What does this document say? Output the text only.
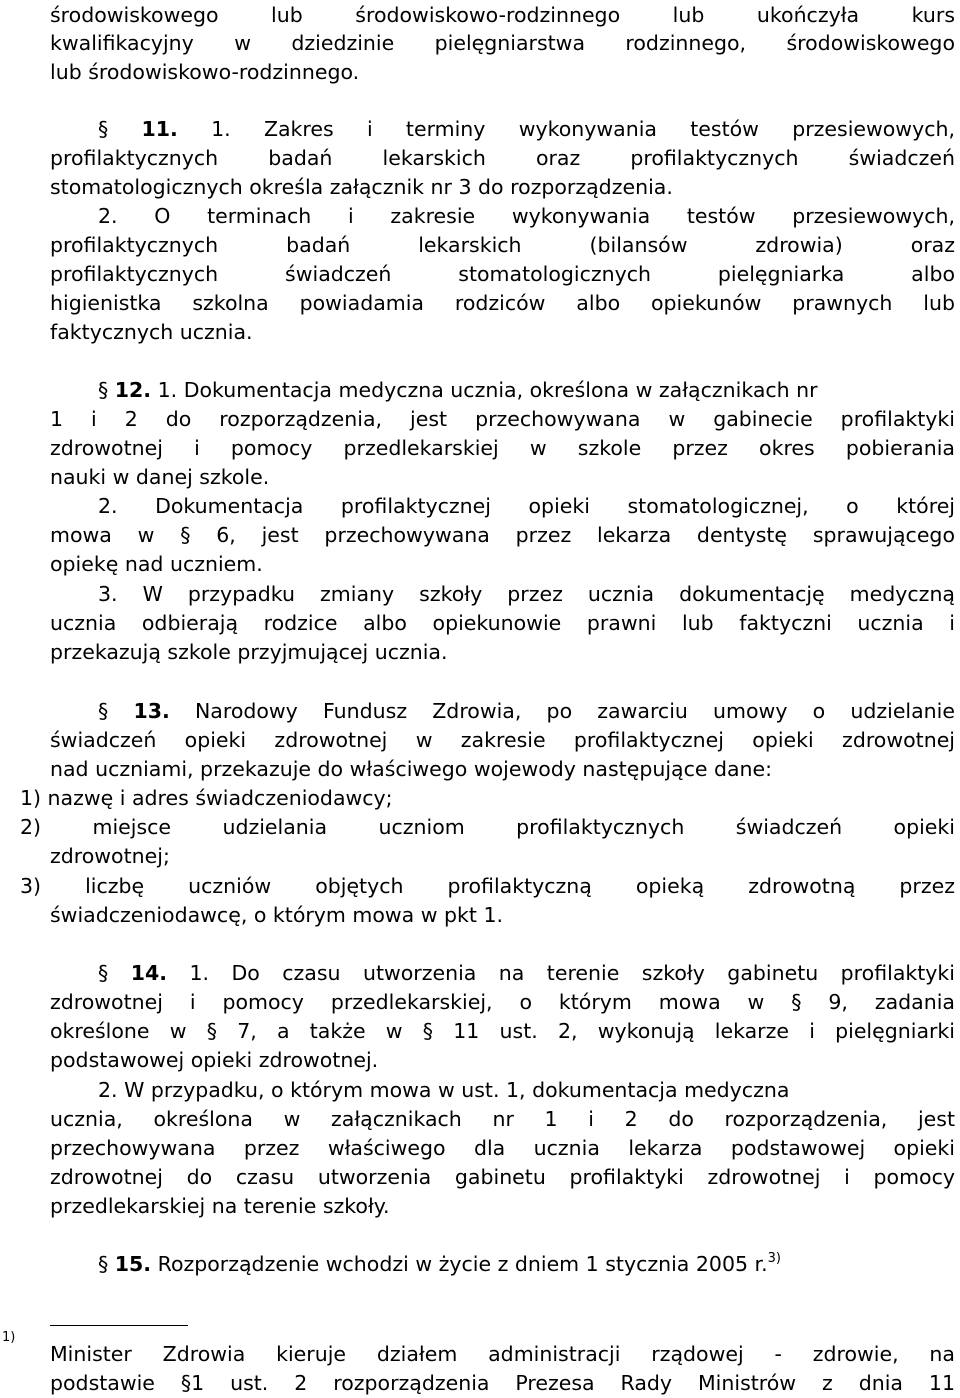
środowiskowego lub środowiskowo-rodzinnego lub ukończyła kurs
kwalifikacyjny w dziedzinie pielęgniarstwa rodzinnego, środowiskowego
lub środowiskowo-rodzinnego.
§ 11. 1. Zakres i terminy wykonywania testów przesiewowych,
profilaktycznych badań lekarskich oraz profilaktycznych świadczeń
stomatologicznych określa załącznik nr 3 do rozporządzenia.
2. O terminach i zakresie wykonywania testów przesiewowych,
profilaktycznych badań lekarskich (bilansów zdrowia) oraz
profilaktycznych świadczeń stomatologicznych pielęgniarka albo
higienistka szkolna powiadamia rodziców albo opiekunów prawnych lub
faktycznych ucznia.
§ 12. 1. Dokumentacja medyczna ucznia, określona w załącznikach nr
1 i 2 do rozporządzenia, jest przechowywana w gabinecie profilaktyki
zdrowotnej i pomocy przedlekarskiej w szkole przez okres pobierania
nauki w danej szkole.
2. Dokumentacja profilaktycznej opieki stomatologicznej, o której
mowa w § 6, jest przechowywana przez lekarza dentystę sprawującego
opiekę nad uczniem.
3. W przypadku zmiany szkoły przez ucznia dokumentację medyczną
ucznia odbierają rodzice albo opiekunowie prawni lub faktyczni ucznia i
przekazują szkole przyjmującej ucznia.
§ 13. Narodowy Fundusz Zdrowia, po zawarciu umowy o udzielanie
świadczeń opieki zdrowotnej w zakresie profilaktycznej opieki zdrowotnej
nad uczniami, przekazuje do właściwego wojewody następujące dane:
1) nazwę i adres świadczeniodawcy;
2) miejsce udzielania uczniom profilaktycznych świadczeń opieki
zdrowotnej;
3) liczbę uczniów objętych profilaktyczną opieką zdrowotną przez
świadczeniodawcę, o którym mowa w pkt 1.
§ 14. 1. Do czasu utworzenia na terenie szkoły gabinetu profilaktyki
zdrowotnej i pomocy przedlekarskiej, o którym mowa w § 9, zadania
określone w § 7, a także w § 11 ust. 2, wykonują lekarze i pielęgniarki
podstawowej opieki zdrowotnej.
2. W przypadku, o którym mowa w ust. 1, dokumentacja medyczna
ucznia, określona w załącznikach nr 1 i 2 do rozporządzenia, jest
przechowywana przez właściwego dla ucznia lekarza podstawowej opieki
zdrowotnej do czasu utworzenia gabinetu profilaktyki zdrowotnej i pomocy
przedlekarskiej na terenie szkoły.
§ 15. Rozporządzenie wchodzi w życie z dniem 1 stycznia 2005 r.$^{3)}$
Minister Zdrowia kieruje działem administracji rządowej - zdrowie, na
podstawie §1 ust. 2 rozporządzenia Prezesa Rady Ministrów z dnia 11
1)
